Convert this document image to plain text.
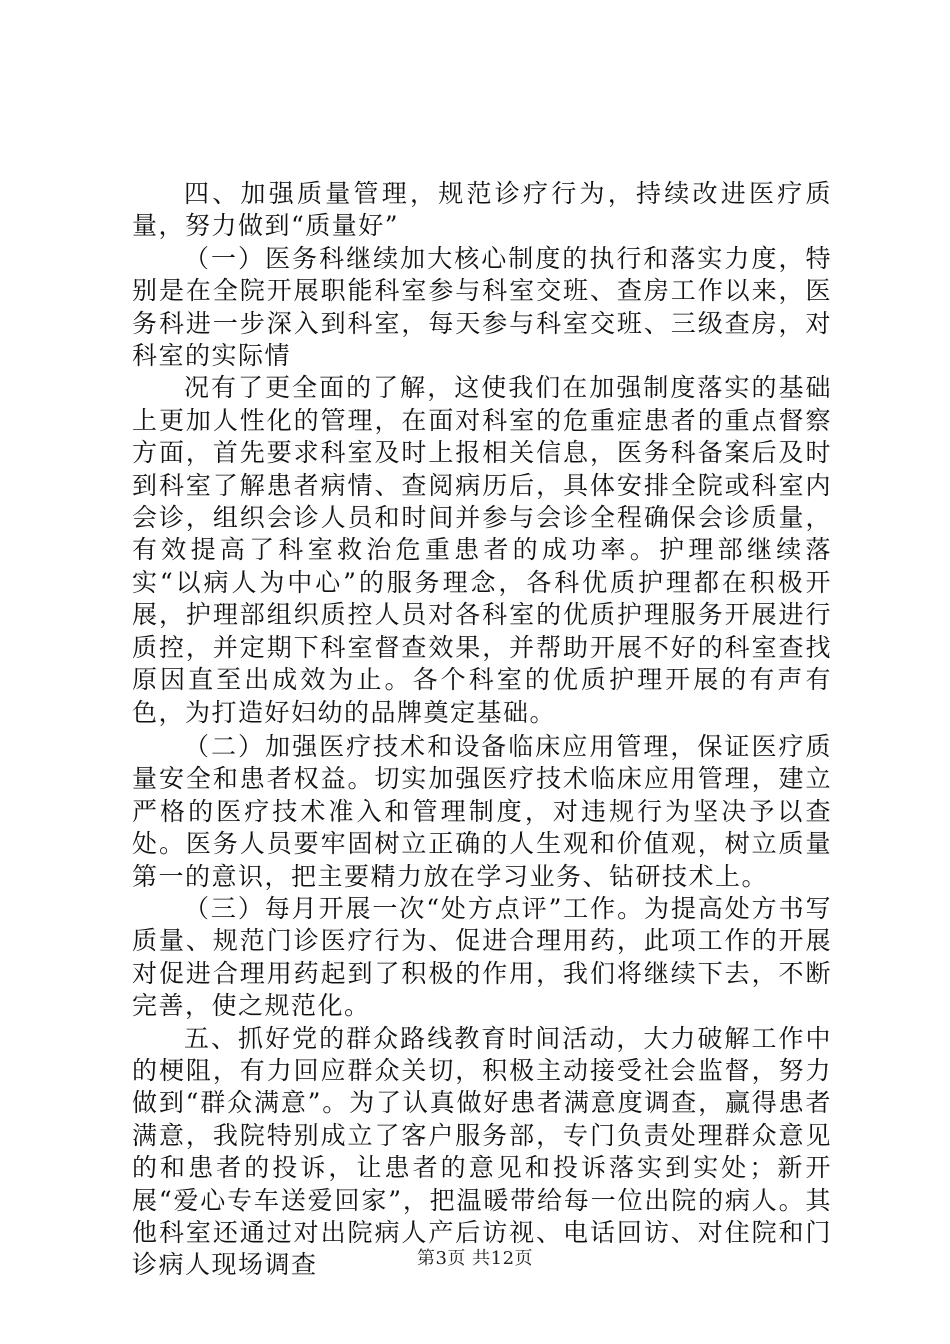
四、加强质量管理，规范诊疗行为，持续改进医疗质量，努力做到“质量好”

（一）医务科继续加大核心制度的执行和落实力度，特别是在全院开展职能科室参与科室交班、查房工作以来，医务科进一步深入到科室，每天参与科室交班、三级查房，对科室的实际情

况有了更全面的了解，这使我们在加强制度落实的基础上更加人性化的管理，在面对科室的危重症患者的重点督察方面，首先要求科室及时上报相关信息，医务科备案后及时到科室了解患者病情、查阅病历后，具体安排全院或科室内会诊，组织会诊人员和时间并参与会诊全程确保会诊质量，有效提高了科室救治危重患者的成功率。护理部继续落实“以病人为中心”的服务理念，各科优质护理都在积极开展，护理部组织质控人员对各科室的优质护理服务开展进行质控，并定期下科室督查效果，并帮助开展不好的科室查找原因直至出成效为止。各个科室的优质护理开展的有声有色，为打造好妇幼的品牌奠定基础。

（二）加强医疗技术和设备临床应用管理，保证医疗质量安全和患者权益。切实加强医疗技术临床应用管理，建立严格的医疗技术准入和管理制度，对违规行为坚决予以查处。医务人员要牢固树立正确的人生观和价值观，树立质量第一的意识，把主要精力放在学习业务、钻研技术上。

（三）每月开展一次“处方点评”工作。为提高处方书写质量、规范门诊医疗行为、促进合理用药，此项工作的开展对促进合理用药起到了积极的作用，我们将继续下去，不断完善，使之规范化。

五、抓好党的群众路线教育时间活动，大力破解工作中的梗阻，有力回应群众关切，积极主动接受社会监督，努力做到“群众满意”。为了认真做好患者满意度调查，赢得患者满意，我院特别成立了客户服务部，专门负责处理群众意见的和患者的投诉，让患者的意见和投诉落实到实处；新开展“爱心专车送爱回家”，把温暖带给每一位出院的病人。其他科室还通过对出院病人产后访视、电话回访、对住院和门诊病人现场调查	第3页 共12页
